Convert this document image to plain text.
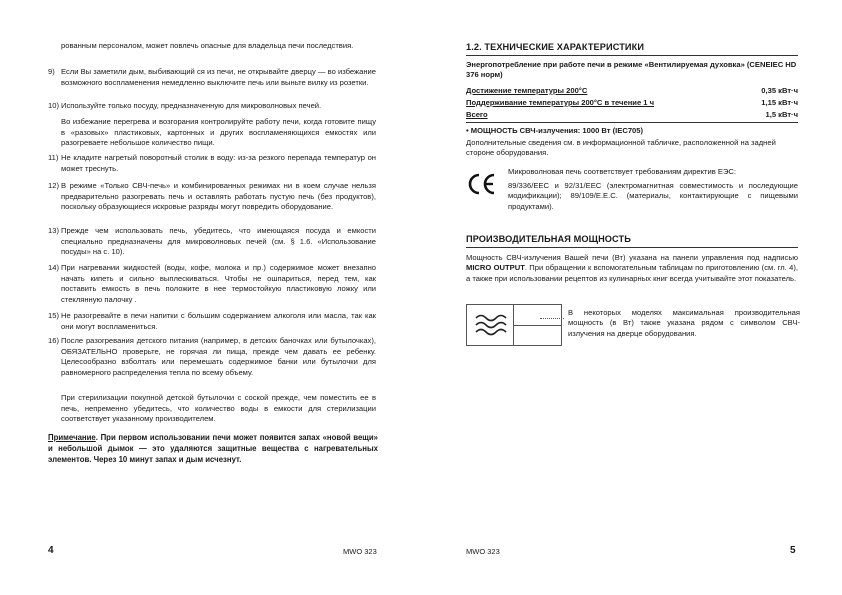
рованным персоналом, может повлечь опасные для владельца печи последствия.
9) Если Вы заметили дым, выбивающий ся из печи, не открывайте дверцу — во избежание возможного воспламенения немедленно выключите печь или выньте вилку из розетки.
10) Используйте только посуду, предназначенную для микроволновых печей.
Во избежание перегрева и возгорания контролируйте работу печи, когда готовите пищу в «разовых» пластиковых, картонных и других воспламеняющихся емкостях или разогреваете небольшое количество пищи.
11) Не кладите нагретый поворотный столик в воду: из-за резкого перепада температур он может треснуть.
12) В режиме «Только СВЧ-печь» и комбинированных режимах ни в коем случае нельзя предварительно разогревать печь и оставлять работать пустую печь (без продуктов), поскольку образующиеся искровые разряды могут повредить оборудование.
13) Прежде чем использовать печь, убедитесь, что имеющаяся посуда и емкости специально предназначены для микроволновых печей (см. § 1.6. «Использование посуды» на с. 10).
14) При нагревании жидкостей (воды, кофе, молока и пр.) содержимое может внезапно начать кипеть и сильно выплескиваться. Чтобы не ошпариться, перед тем, как поставить емкость в печь положите в нее термостойкую пластиковую ложку или стеклянную палочку .
15) Не разогревайте в печи напитки с большим содержанием алкоголя или масла, так как они могут воспламениться.
16) После разогревания детского питания (например, в детских баночках или бутылочках), ОБЯЗАТЕЛЬНО проверьте, не горячая ли пища, прежде чем давать ее ребенку. Целесообразно взболтать или перемешать содержимое банки или бутылочки для равномерного распределения тепла по всему объему.
При стерилизации покупной детской бутылочки с соской прежде, чем поместить ее в печь, непременно убедитесь, что количество воды в емкости для стерилизации соответствует указанному производителем.
Примечание. При первом использовании печи может появится запах «новой вещи» и небольшой дымок — это удаляются защитные вещества с нагревательных элементов. Через 10 минут запах и дым исчезнут.
4	MWO 323
1.2. ТЕХНИЧЕСКИЕ ХАРАКТЕРИСТИКИ
Энергопотребление при работе печи в режиме «Вентилируемая духовка» (CENEIEC HD 376 норм)
Достижение температуры 200°С	0,35 кВт·ч
Поддерживание температуры 200°С в течение 1 ч	1,15 кВт·ч
Всего	1,5 кВт·ч
• МОЩНОСТЬ СВЧ-излучения: 1000 Вт (IEC705)
Дополнительные сведения см. в информационной табличке, расположенной на задней стороне оборудования.
Микроволновая печь соответствует требованиям директив ЕЭС:
89/336/ЕЕС и 92/31/ЕЕС (электромагнитная совместимость и последующие модификации); 89/109/Е.Е.С. (материалы, контактирующие с пищевыми продуктами).
ПРОИЗВОДИТЕЛЬНАЯ МОЩНОСТЬ
Мощность СВЧ-излучения Вашей печи (Вт) указана на панели управления под надписью MICRO OUTPUT. При обращении к вспомогательным таблицам по приготовлению (см. гл. 4), а также при использовании рецептов из кулинарных книг всегда учитывайте этот показатель.
В некоторых моделях максимальная производительная мощность (в Вт) также указана рядом с символом СВЧ-излучения на дверце оборудования.
MWO 323	5
